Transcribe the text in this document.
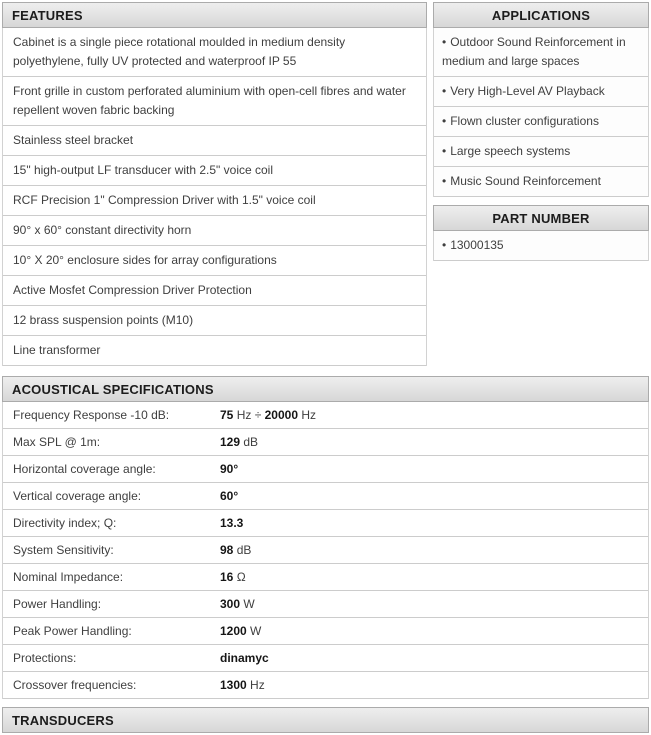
FEATURES
Cabinet is a single piece rotational moulded in medium density polyethylene, fully UV protected and waterproof IP 55
Front grille in custom perforated aluminium with open-cell fibres and water repellent woven fabric backing
Stainless steel bracket
15" high-output LF transducer with 2.5" voice coil
RCF Precision 1" Compression Driver with 1.5" voice coil
90° x 60° constant directivity horn
10° X 20° enclosure sides for array configurations
Active Mosfet Compression Driver Protection
12 brass suspension points (M10)
Line transformer
APPLICATIONS
• Outdoor Sound Reinforcement in medium and large spaces
• Very High-Level AV Playback
• Flown cluster configurations
• Large speech systems
• Music Sound Reinforcement
PART NUMBER
• 13000135
ACOUSTICAL SPECIFICATIONS
Frequency Response -10 dB:	75 Hz ÷ 20000 Hz
Max SPL @ 1m:	129 dB
Horizontal coverage angle:	90°
Vertical coverage angle:	60°
Directivity index; Q:	13.3
System Sensitivity:	98 dB
Nominal Impedance:	16 Ω
Power Handling:	300 W
Peak Power Handling:	1200 W
Protections:	dinamyc
Crossover frequencies:	1300 Hz
TRANSDUCERS
